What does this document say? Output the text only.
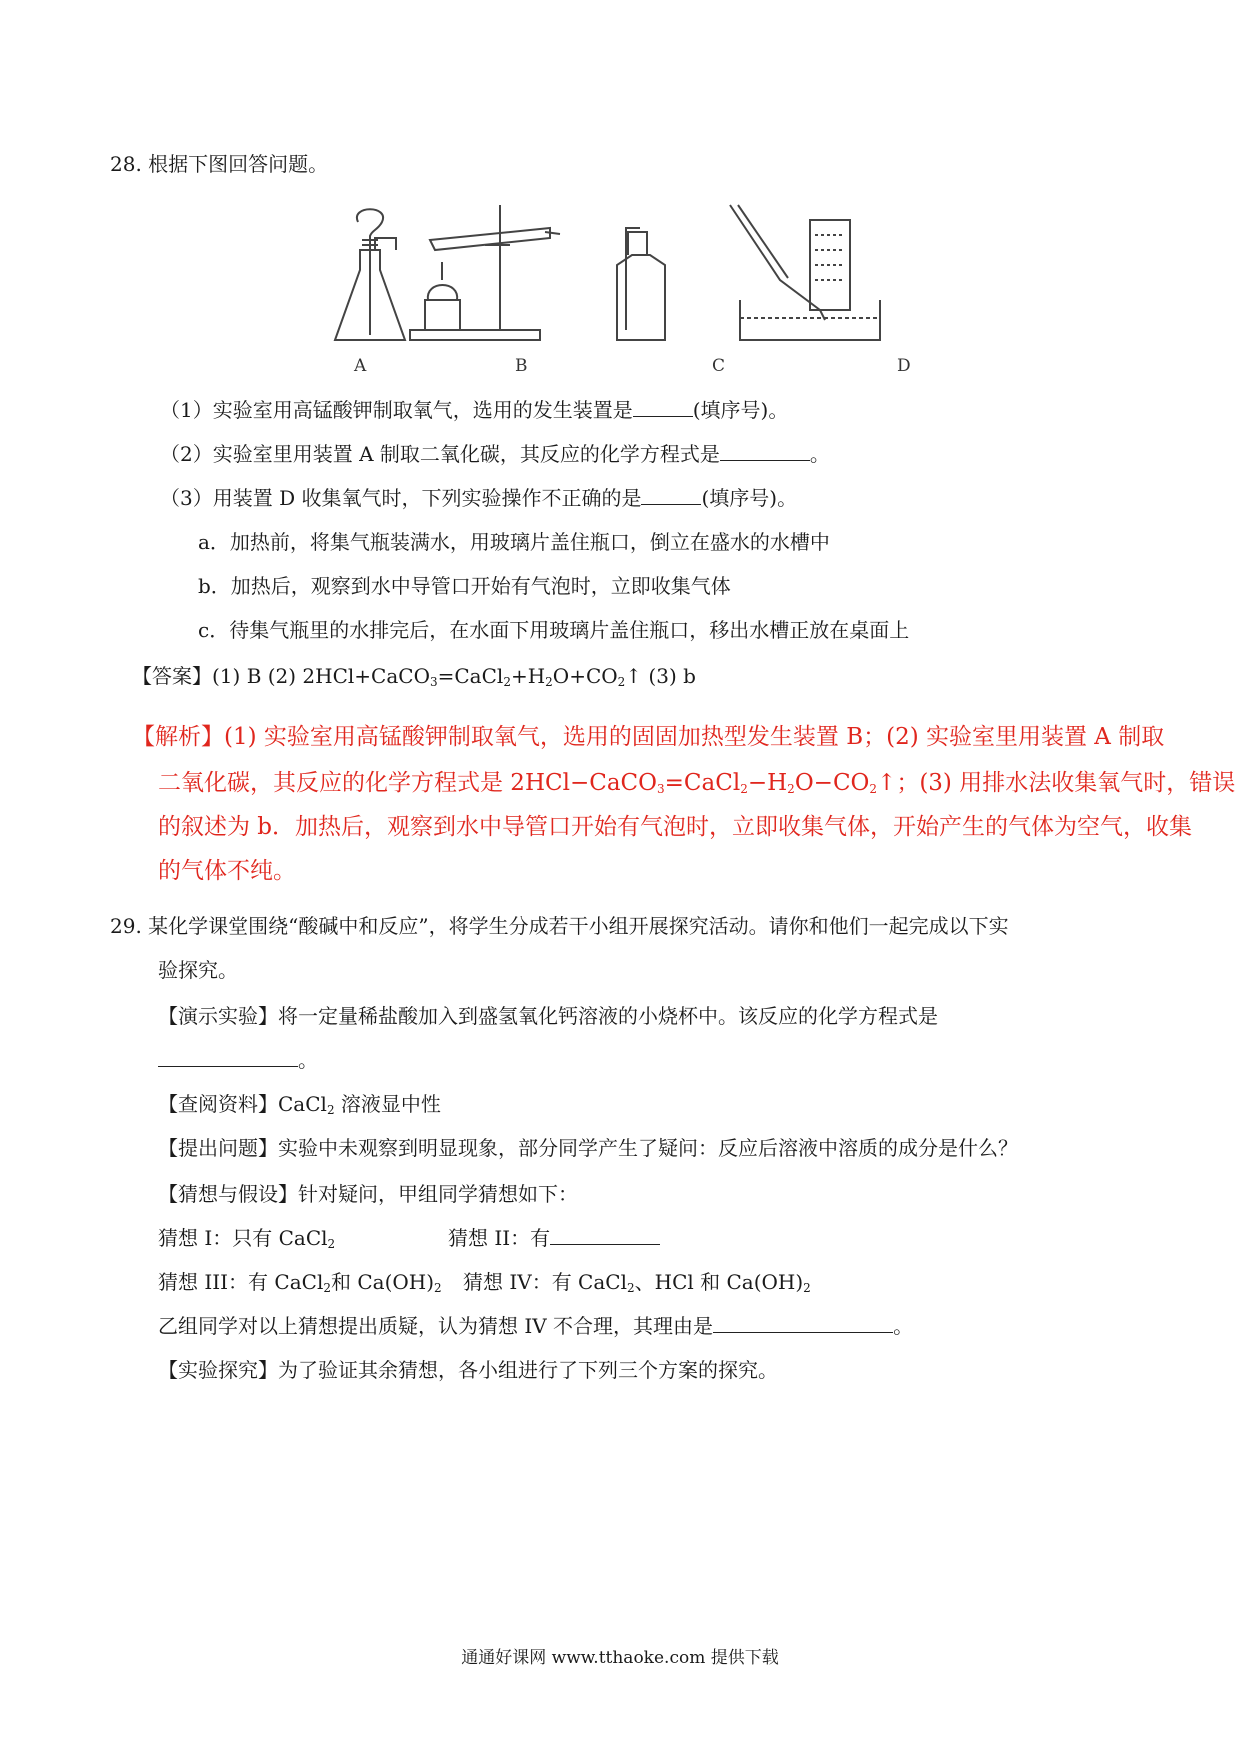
28. 根据下图回答问题。
A	B	C	D
（1）实验室用高锰酸钾制取氧气，选用的发生装置是	(填序号)。
（2）实验室里用装置 A 制取二氧化碳，其反应的化学方程式是	。
（3）用装置 D 收集氧气时，下列实验操作不正确的是	(填序号)。
a．加热前，将集气瓶装满水，用玻璃片盖住瓶口，倒立在盛水的水槽中
b．加热后，观察到水中导管口开始有气泡时，立即收集气体
c．待集气瓶里的水排完后，在水面下用玻璃片盖住瓶口，移出水槽正放在桌面上
【答案】(1) B (2) $2HCl+CaCO_3=CaCl_2+H_2O+CO_2↑$ (3) b
【解析】(1) 实验室用高锰酸钾制取氧气，选用的固固加热型发生装置 B；(2) 实验室里用装置 A 制取
二氧化碳，其反应的化学方程式是 $2HCl-CaCO_3=CaCl_2-H_2O-CO_2↑$；(3) 用排水法收集氧气时，错误
的叙述为 b．加热后，观察到水中导管口开始有气泡时，立即收集气体，开始产生的气体为空气，收集
的气体不纯。
29. 某化学课堂围绕“酸碱中和反应”，将学生分成若干小组开展探究活动。请你和他们一起完成以下实
验探究。
【演示实验】将一定量稀盐酸加入到盛氢氧化钙溶液的小烧杯中。该反应的化学方程式是
。
【查阅资料】CaCl$_2$ 溶液显中性
【提出问题】实验中未观察到明显现象，部分同学产生了疑问：反应后溶液中溶质的成分是什么？
【猜想与假设】针对疑问，甲组同学猜想如下：
猜想 I：只有 CaCl$_2$	猜想 II：有
猜想 III：有 CaCl$_2$和 $Ca(OH)_2$ 猜想 IV：有 CaCl$_2$、HCl 和 $Ca(OH)_2$
乙组同学对以上猜想提出质疑，认为猜想 IV 不合理，其理由是	。
【实验探究】为了验证其余猜想，各小组进行了下列三个方案的探究。
通通好课网 www.tthaoke.com 提供下载
